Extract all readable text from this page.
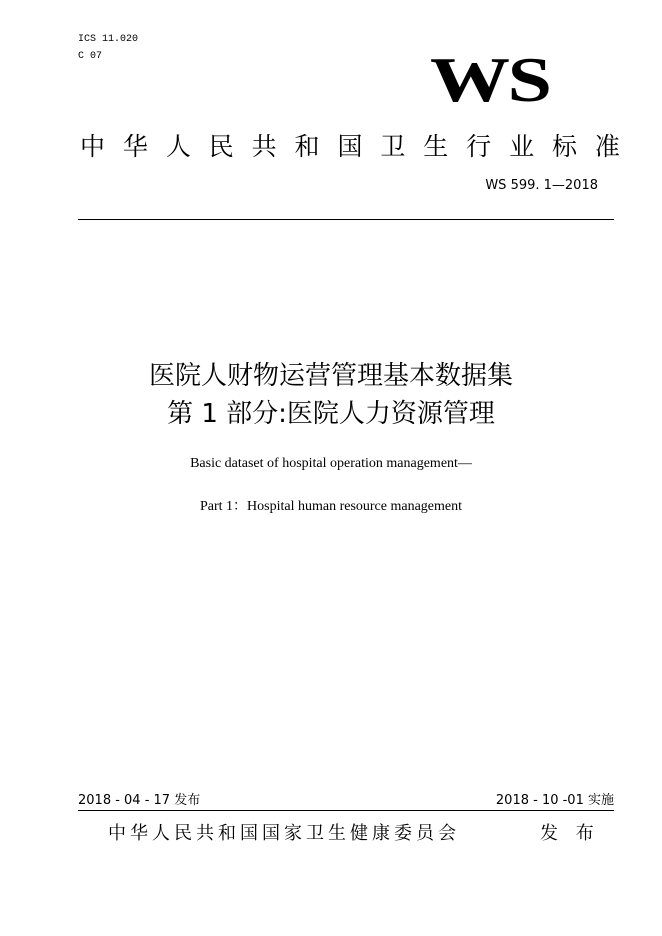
ICS 11.020
C 07	WS
中 华 人 民 共 和 国 卫 生 行 业 标 准
WS 599. 1—2018
医院人财物运营管理基本数据集
第 1 部分:医院人力资源管理
Basic dataset of hospital operation management—
Part 1：Hospital human resource management
2018 - 04 - 17 发布	2018 - 10 -01 实施
中华人民共和国国家卫生健康委员会	发 布
